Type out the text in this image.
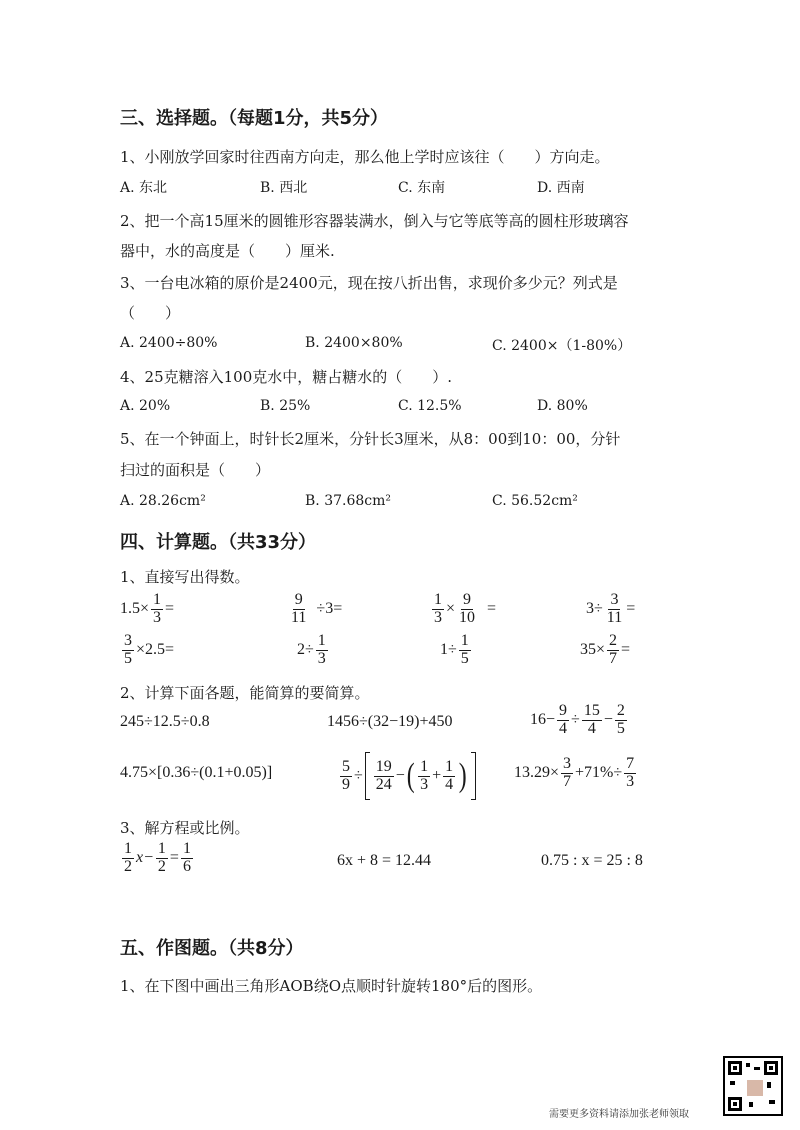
三、选择题。（每题1分，共5分）
1、小刚放学回家时往西南方向走，那么他上学时应该往（　　）方向走。
A. 东北	B. 西北	C. 东南	D. 西南
2、把一个高15厘米的圆锥形容器装满水，倒入与它等底等高的圆柱形玻璃容
器中，水的高度是（　　）厘米.
3、一台电冰箱的原价是2400元，现在按八折出售，求现价多少元？列式是
（　　）
A. 2400÷80%	B. 2400×80%	C. 2400×（1-80%）
4、25克糖溶入100克水中，糖占糖水的（　　）.
A. 20%	B. 25%	C. 12.5%	D. 80%
5、在一个钟面上，时针长2厘米，分针长3厘米，从8：00到10：00，分针
扫过的面积是（　　）
A. 28.26cm²	B. 37.68cm²	C. 56.52cm²
四、计算题。（共33分）
1、直接写出得数。
$1.5\times \frac{1}{3}$ =	$\frac{9}{11} \div 3=$	$\frac{1}{3} \times \frac{9}{10}$ =	$3\div \frac{3}{11}$ =
$\frac{3}{5} \times 2.5=$	$2\div \frac{1}{3}$	$1\div \frac{1}{5}$	$35\times \frac{2}{7}$ =
2、计算下面各题，能简算的要简算。
245÷12.5÷0.8	1456÷(32−19)+450	$16- \frac{9}{4} \div \frac{15}{4} - \frac{2}{5}$
4.75×[0.36÷(0.1+0.05)]	$\frac{5}{9} \div \frac{19}{24}$ − ( $\frac{1}{3} + \frac{1}{4}$ )	$13.29\times \frac{3}{7} +71\%\div \frac{7}{3}$
3、解方程或比例。
$\frac{1}{2} x- \frac{1}{2} = \frac{1}{6}$	6x + 8 = 12.44	0.75 : x = 25 : 8
五、作图题。（共8分）
1、在下图中画出三角形AOB绕O点顺时针旋转180°后的图形。
需要更多资料请添加张老师领取
